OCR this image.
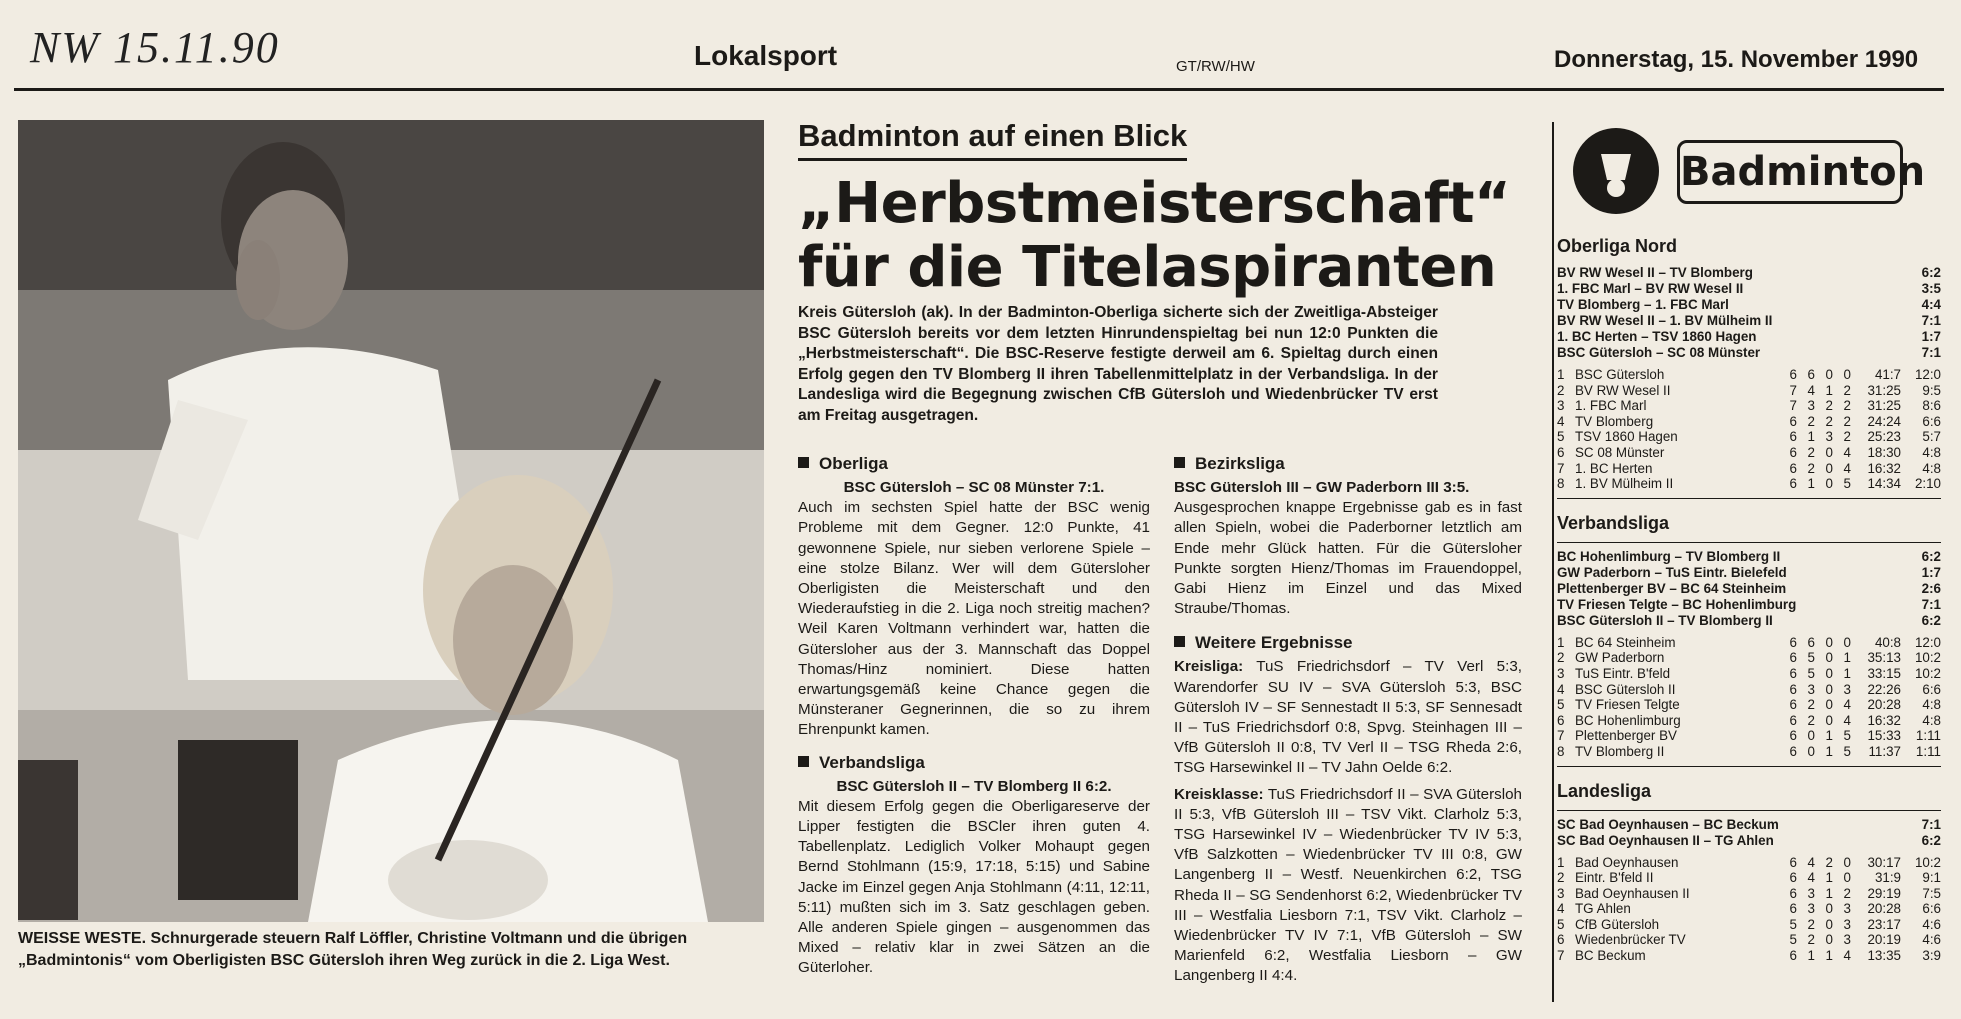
NW 15.11.90	Lokalsport	GT/RW/HW	Donnerstag, 15. November 1990
WEISSE WESTE. Schnurgerade steuern Ralf Löffler, Christine Voltmann und die übrigen „Badmintonis“ vom Oberligisten BSC Gütersloh ihren Weg zurück in die 2. Liga West.
Badminton auf einen Blick
„Herbstmeisterschaft“
für die Titelaspiranten
Kreis Gütersloh (ak). In der Badminton-Oberliga sicherte sich der Zweitliga-Absteiger BSC Gütersloh bereits vor dem letzten Hinrundenspieltag bei nun 12:0 Punkten die „Herbstmeisterschaft“. Die BSC-Reserve festigte derweil am 6. Spieltag durch einen Erfolg gegen den TV Blomberg II ihren Tabellenmittelplatz in der Verbandsliga. In der Landesliga wird die Begegnung zwischen CfB Gütersloh und Wiedenbrücker TV erst am Freitag ausgetragen.
Oberliga

BSC Gütersloh – SC 08 Münster 7:1.

Auch im sechsten Spiel hatte der BSC wenig Probleme mit dem Gegner. 12:0 Punkte, 41 gewonnene Spiele, nur sieben verlorene Spiele – eine stolze Bilanz. Wer will dem Gütersloher Oberligisten die Meisterschaft und den Wiederaufstieg in die 2. Liga noch streitig machen? Weil Karen Voltmann verhindert war, hatten die Gütersloher aus der 3. Mannschaft das Doppel Thomas/Hinz nominiert. Diese hatten erwartungsgemäß keine Chance gegen die Münsteraner Gegnerinnen, die so zu ihrem Ehrenpunkt kamen.

Verbandsliga

BSC Gütersloh II – TV Blomberg II 6:2.

Mit diesem Erfolg gegen die Oberligareserve der Lipper festigten die BSCler ihren guten 4. Tabellenplatz. Lediglich Volker Mohaupt gegen Bernd Stohlmann (15:9, 17:18, 5:15) und Sabine Jacke im Einzel gegen Anja Stohlmann (4:11, 12:11, 5:11) mußten sich im 3. Satz geschlagen geben. Alle anderen Spiele gingen – ausgenommen das Mixed – relativ klar in zwei Sätzen an die Güterloher.

Bezirksliga

BSC Gütersloh III – GW Paderborn III 3:5.

Ausgesprochen knappe Ergebnisse gab es in fast allen Spieln, wobei die Paderborner letztlich am Ende mehr Glück hatten. Für die Gütersloher Punkte sorgten Hienz/Thomas im Frauendoppel, Gabi Hienz im Einzel und das Mixed Straube/Thomas.

Weitere Ergebnisse

Kreisliga: TuS Friedrichsdorf – TV Verl 5:3, Warendorfer SU IV – SVA Gütersloh 5:3, BSC Gütersloh IV – SF Sennestadt II 5:3, SF Sennesadt II – TuS Friedrichsdorf 0:8, Spvg. Steinhagen III – VfB Gütersloh II 0:8, TV Verl II – TSG Rheda 2:6, TSG Harsewinkel II – TV Jahn Oelde 6:2.

Kreisklasse: TuS Friedrichsdorf II – SVA Gütersloh II 5:3, VfB Gütersloh III – TSV Vikt. Clarholz 5:3, TSG Harsewinkel IV – Wiedenbrücker TV IV 5:3, VfB Salzkotten – Wiedenbrücker TV III 0:8, GW Langenberg II – Westf. Neuenkirchen 6:2, TSG Rheda II – SG Sendenhorst 6:2, Wiedenbrücker TV III – Westfalia Liesborn 7:1, TSV Vikt. Clarholz – Wiedenbrücker TV IV 7:1, VfB Gütersloh – SW Marienfeld 6:2, Westfalia Liesborn – GW Langenberg II 4:4.

Badminton
Oberliga Nord
BV RW Wesel II – TV Blomberg	6:2
1. FBC Marl – BV RW Wesel II	3:5
TV Blomberg – 1. FBC Marl	4:4
BV RW Wesel II – 1. BV Mülheim II	7:1
1. BC Herten – TSV 1860 Hagen	1:7
BSC Gütersloh – SC 08 Münster	7:1
1 BSC Gütersloh	6 6 0 0	41:7	12:0
2 BV RW Wesel II	7 4 1 2	31:25	9:5
3 1. FBC Marl	7 3 2 2	31:25	8:6
4 TV Blomberg	6 2 2 2	24:24	6:6
5 TSV 1860 Hagen	6 1 3 2	25:23	5:7
6 SC 08 Münster	6 2 0 4	18:30	4:8
7 1. BC Herten	6 2 0 4	16:32	4:8
8 1. BV Mülheim II	6 1 0 5	14:34	2:10
Verbandsliga
BC Hohenlimburg – TV Blomberg II	6:2
GW Paderborn – TuS Eintr. Bielefeld	1:7
Plettenberger BV – BC 64 Steinheim	2:6
TV Friesen Telgte – BC Hohenlimburg	7:1
BSC Gütersloh II – TV Blomberg II	6:2
1 BC 64 Steinheim	6 6 0 0	40:8	12:0
2 GW Paderborn	6 5 0 1	35:13	10:2
3 TuS Eintr. B'feld	6 5 0 1	33:15	10:2
4 BSC Gütersloh II	6 3 0 3	22:26	6:6
5 TV Friesen Telgte	6 2 0 4	20:28	4:8
6 BC Hohenlimburg	6 2 0 4	16:32	4:8
7 Plettenberger BV	6 0 1 5	15:33	1:11
8 TV Blomberg II	6 0 1 5	11:37	1:11
Landesliga
SC Bad Oeynhausen – BC Beckum	7:1
SC Bad Oeynhausen II – TG Ahlen	6:2
1 Bad Oeynhausen	6 4 2 0	30:17	10:2
2 Eintr. B'feld II	6 4 1 0	31:9	9:1
3 Bad Oeynhausen II	6 3 1 2	29:19	7:5
4 TG Ahlen	6 3 0 3	20:28	6:6
5 CfB Gütersloh	5 2 0 3	23:17	4:6
6 Wiedenbrücker TV	5 2 0 3	20:19	4:6
7 BC Beckum	6 1 1 4	13:35	3:9
